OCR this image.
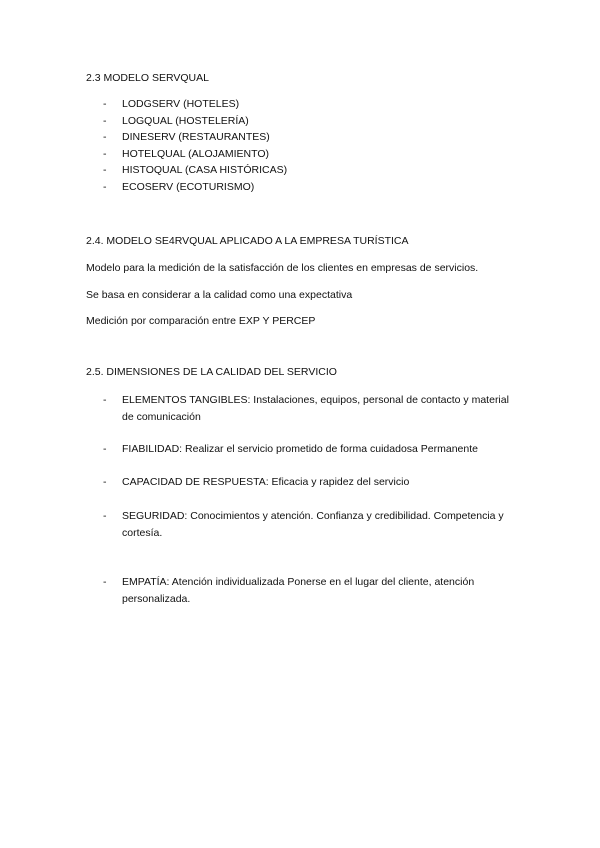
2.3 MODELO SERVQUAL
- LODGSERV (HOTELES)
- LOGQUAL (HOSTELERÍA)
- DINESERV (RESTAURANTES)
- HOTELQUAL (ALOJAMIENTO)
- HISTOQUAL (CASA HISTÓRICAS)
- ECOSERV (ECOTURISMO)
2.4. MODELO SE4RVQUAL APLICADO A LA EMPRESA TURÍSTICA
Modelo para la medición de la satisfacción de los clientes en empresas de servicios.
Se basa en considerar a la calidad como una expectativa
Medición por comparación entre EXP Y PERCEP
2.5. DIMENSIONES DE LA CALIDAD DEL SERVICIO
- ELEMENTOS TANGIBLES: Instalaciones, equipos, personal de contacto y material de comunicación
- FIABILIDAD: Realizar el servicio prometido de forma cuidadosa Permanente
- CAPACIDAD DE RESPUESTA: Eficacia y rapidez del servicio
- SEGURIDAD: Conocimientos y atención. Confianza y credibilidad. Competencia y cortesía.
- EMPATÍA: Atención individualizada Ponerse en el lugar del cliente, atención personalizada.
